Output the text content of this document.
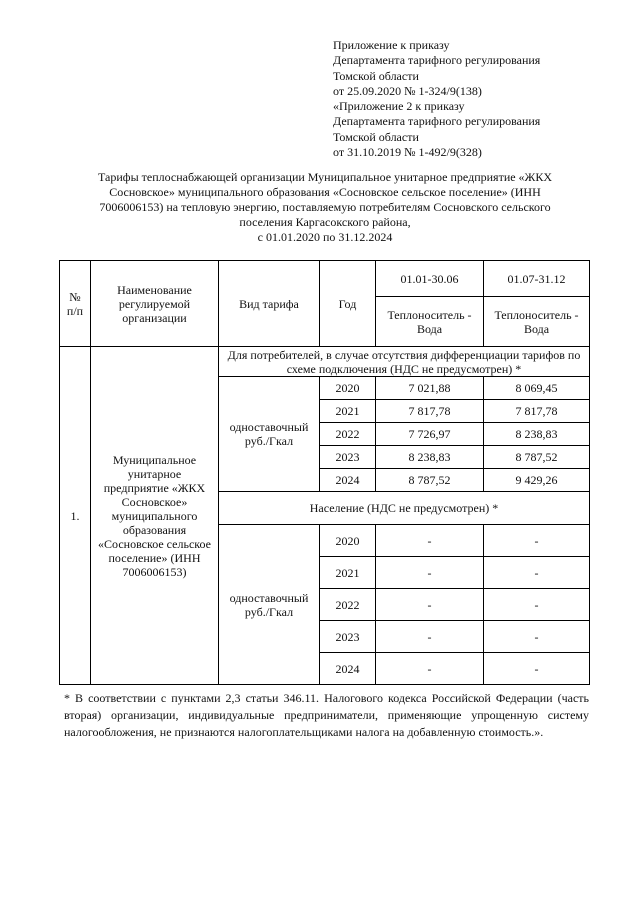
Приложение к приказу
Департамента тарифного регулирования
Томской области
от 25.09.2020 № 1-324/9(138)
«Приложение 2 к приказу
Департамента тарифного регулирования
Томской области
от 31.10.2019 № 1-492/9(328)
Тарифы теплоснабжающей организации Муниципальное унитарное предприятие «ЖКХ
Сосновское» муниципального образования «Сосновское сельское поселение» (ИНН
7006006153) на тепловую энергию, поставляемую потребителям Сосновского сельского
поселения Каргасокского района,
с 01.01.2020 по 31.12.2024
№ п/п	Наименование регулируемой организации	Вид тарифа	Год	01.01-30.06	01.07-31.12
				Теплоноситель - Вода	Теплоноситель - Вода
1.	Муниципальное унитарное предприятие «ЖКХ Сосновское» муниципального образования «Сосновское сельское поселение» (ИНН 7006006153)	Для потребителей, в случае отсутствия дифференциации тарифов по схеме подключения (НДС не предусмотрен) *			
		одноставочный руб./Гкал	2020	7 021,88	8 069,45
			2021	7 817,78	7 817,78
			2022	7 726,97	8 238,83
			2023	8 238,83	8 787,52
			2024	8 787,52	9 429,26
		Население (НДС не предусмотрен) *			
		одноставочный руб./Гкал	2020	-	-
			2021	-	-
			2022	-	-
			2023	-	-
			2024	-	-
* В соответствии с пунктами 2,3 статьи 346.11. Налогового кодекса Российской Федерации (часть вторая) организации, индивидуальные предприниматели, применяющие упрощенную систему налогообложения, не признаются налогоплательщиками налога на добавленную стоимость.».
